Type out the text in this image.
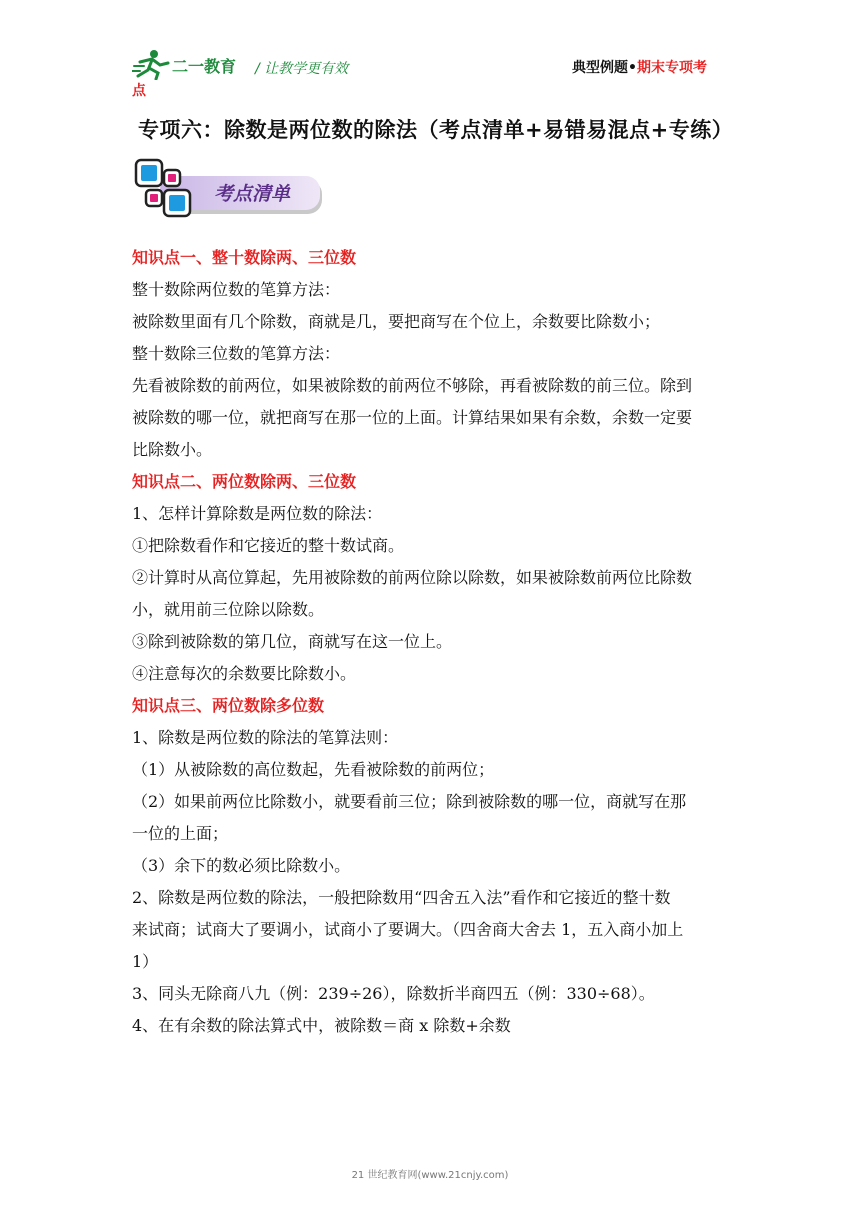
二一教育 / 让教学更有效	典型例题•期末专项考
点
专项六：除数是两位数的除法（考点清单+易错易混点+专练）
考点清单
知识点一、整十数除两、三位数
整十数除两位数的笔算方法：
被除数里面有几个除数，商就是几，要把商写在个位上，余数要比除数小；
整十数除三位数的笔算方法：
先看被除数的前两位，如果被除数的前两位不够除，再看被除数的前三位。除到
被除数的哪一位，就把商写在那一位的上面。计算结果如果有余数，余数一定要
比除数小。
知识点二、两位数除两、三位数
1、怎样计算除数是两位数的除法：
①把除数看作和它接近的整十数试商。
②计算时从高位算起，先用被除数的前两位除以除数，如果被除数前两位比除数
小，就用前三位除以除数。
③除到被除数的第几位，商就写在这一位上。
④注意每次的余数要比除数小。
知识点三、两位数除多位数
1、除数是两位数的除法的笔算法则：
（1）从被除数的高位数起，先看被除数的前两位；
（2）如果前两位比除数小，就要看前三位；除到被除数的哪一位，商就写在那
一位的上面；
（3）余下的数必须比除数小。
2、除数是两位数的除法，一般把除数用“四舍五入法”看作和它接近的整十数
来试商；试商大了要调小，试商小了要调大。（四舍商大舍去 1，五入商小加上
1）
3、同头无除商八九（例：239÷26），除数折半商四五（例：330÷68）。
4、在有余数的除法算式中，被除数＝商 x 除数+余数
21 世纪教育网(www.21cnjy.com)
